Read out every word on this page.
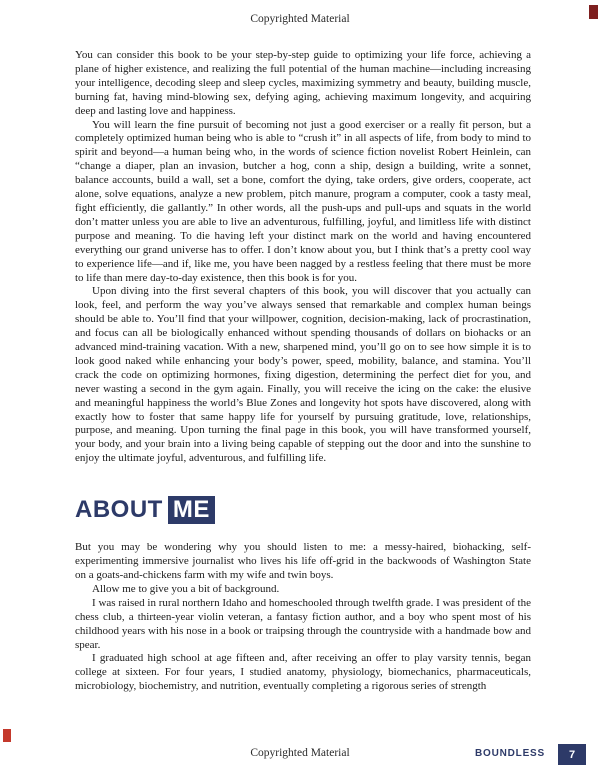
Copyrighted Material

You can consider this book to be your step-by-step guide to optimizing your life force, achieving a plane of higher existence, and realizing the full potential of the human machine—including increasing your intelligence, decoding sleep and sleep cycles, maximizing symmetry and beauty, building muscle, burning fat, having mind-blowing sex, defying aging, achieving maximum longevity, and acquiring deep and lasting love and happiness.

You will learn the fine pursuit of becoming not just a good exerciser or a really fit person, but a completely optimized human being who is able to “crush it” in all aspects of life, from body to mind to spirit and beyond—a human being who, in the words of science fiction novelist Robert Heinlein, can “change a diaper, plan an invasion, butcher a hog, conn a ship, design a building, write a sonnet, balance accounts, build a wall, set a bone, comfort the dying, take orders, give orders, cooperate, act alone, solve equations, analyze a new problem, pitch manure, program a computer, cook a tasty meal, fight efficiently, die gallantly.” In other words, all the push-ups and pull-ups and squats in the world don’t matter unless you are able to live an adventurous, fulfilling, joyful, and limitless life with distinct purpose and meaning. To die having left your distinct mark on the world and having encountered everything our grand universe has to offer. I don’t know about you, but I think that’s a pretty cool way to experience life—and if, like me, you have been nagged by a restless feeling that there must be more to life than mere day-to-day existence, then this book is for you.

Upon diving into the first several chapters of this book, you will discover that you actually can look, feel, and perform the way you’ve always sensed that remarkable and complex human beings should be able to. You’ll find that your willpower, cognition, decision-making, lack of procrastination, and focus can all be biologically enhanced without spending thousands of dollars on biohacks or an advanced mind-training vacation. With a new, sharpened mind, you’ll go on to see how simple it is to look good naked while enhancing your body’s power, speed, mobility, balance, and stamina. You’ll crack the code on optimizing hormones, fixing digestion, determining the perfect diet for you, and never wasting a second in the gym again. Finally, you will receive the icing on the cake: the elusive and meaningful happiness the world’s Blue Zones and longevity hot spots have discovered, along with exactly how to foster that same happy life for yourself by pursuing gratitude, love, relationships, purpose, and meaning. Upon turning the final page in this book, you will have transformed yourself, your body, and your brain into a living being capable of stepping out the door and into the sunshine to enjoy the ultimate joyful, adventurous, and fulfilling life.

ABOUT ME

But you may be wondering why you should listen to me: a messy-haired, biohacking, self-experimenting immersive journalist who lives his life off-grid in the backwoods of Washington State on a goats-and-chickens farm with my wife and twin boys.

Allow me to give you a bit of background.

I was raised in rural northern Idaho and homeschooled through twelfth grade. I was president of the chess club, a thirteen-year violin veteran, a fantasy fiction author, and a boy who spent most of his childhood years with his nose in a book or traipsing through the countryside with a handmade bow and spear.

I graduated high school at age fifteen and, after receiving an offer to play varsity tennis, began college at sixteen. For four years, I studied anatomy, physiology, biomechanics, pharmaceuticals, microbiology, biochemistry, and nutrition, eventually completing a rigorous series of strength

Copyrighted Material	BOUNDLESS	7
